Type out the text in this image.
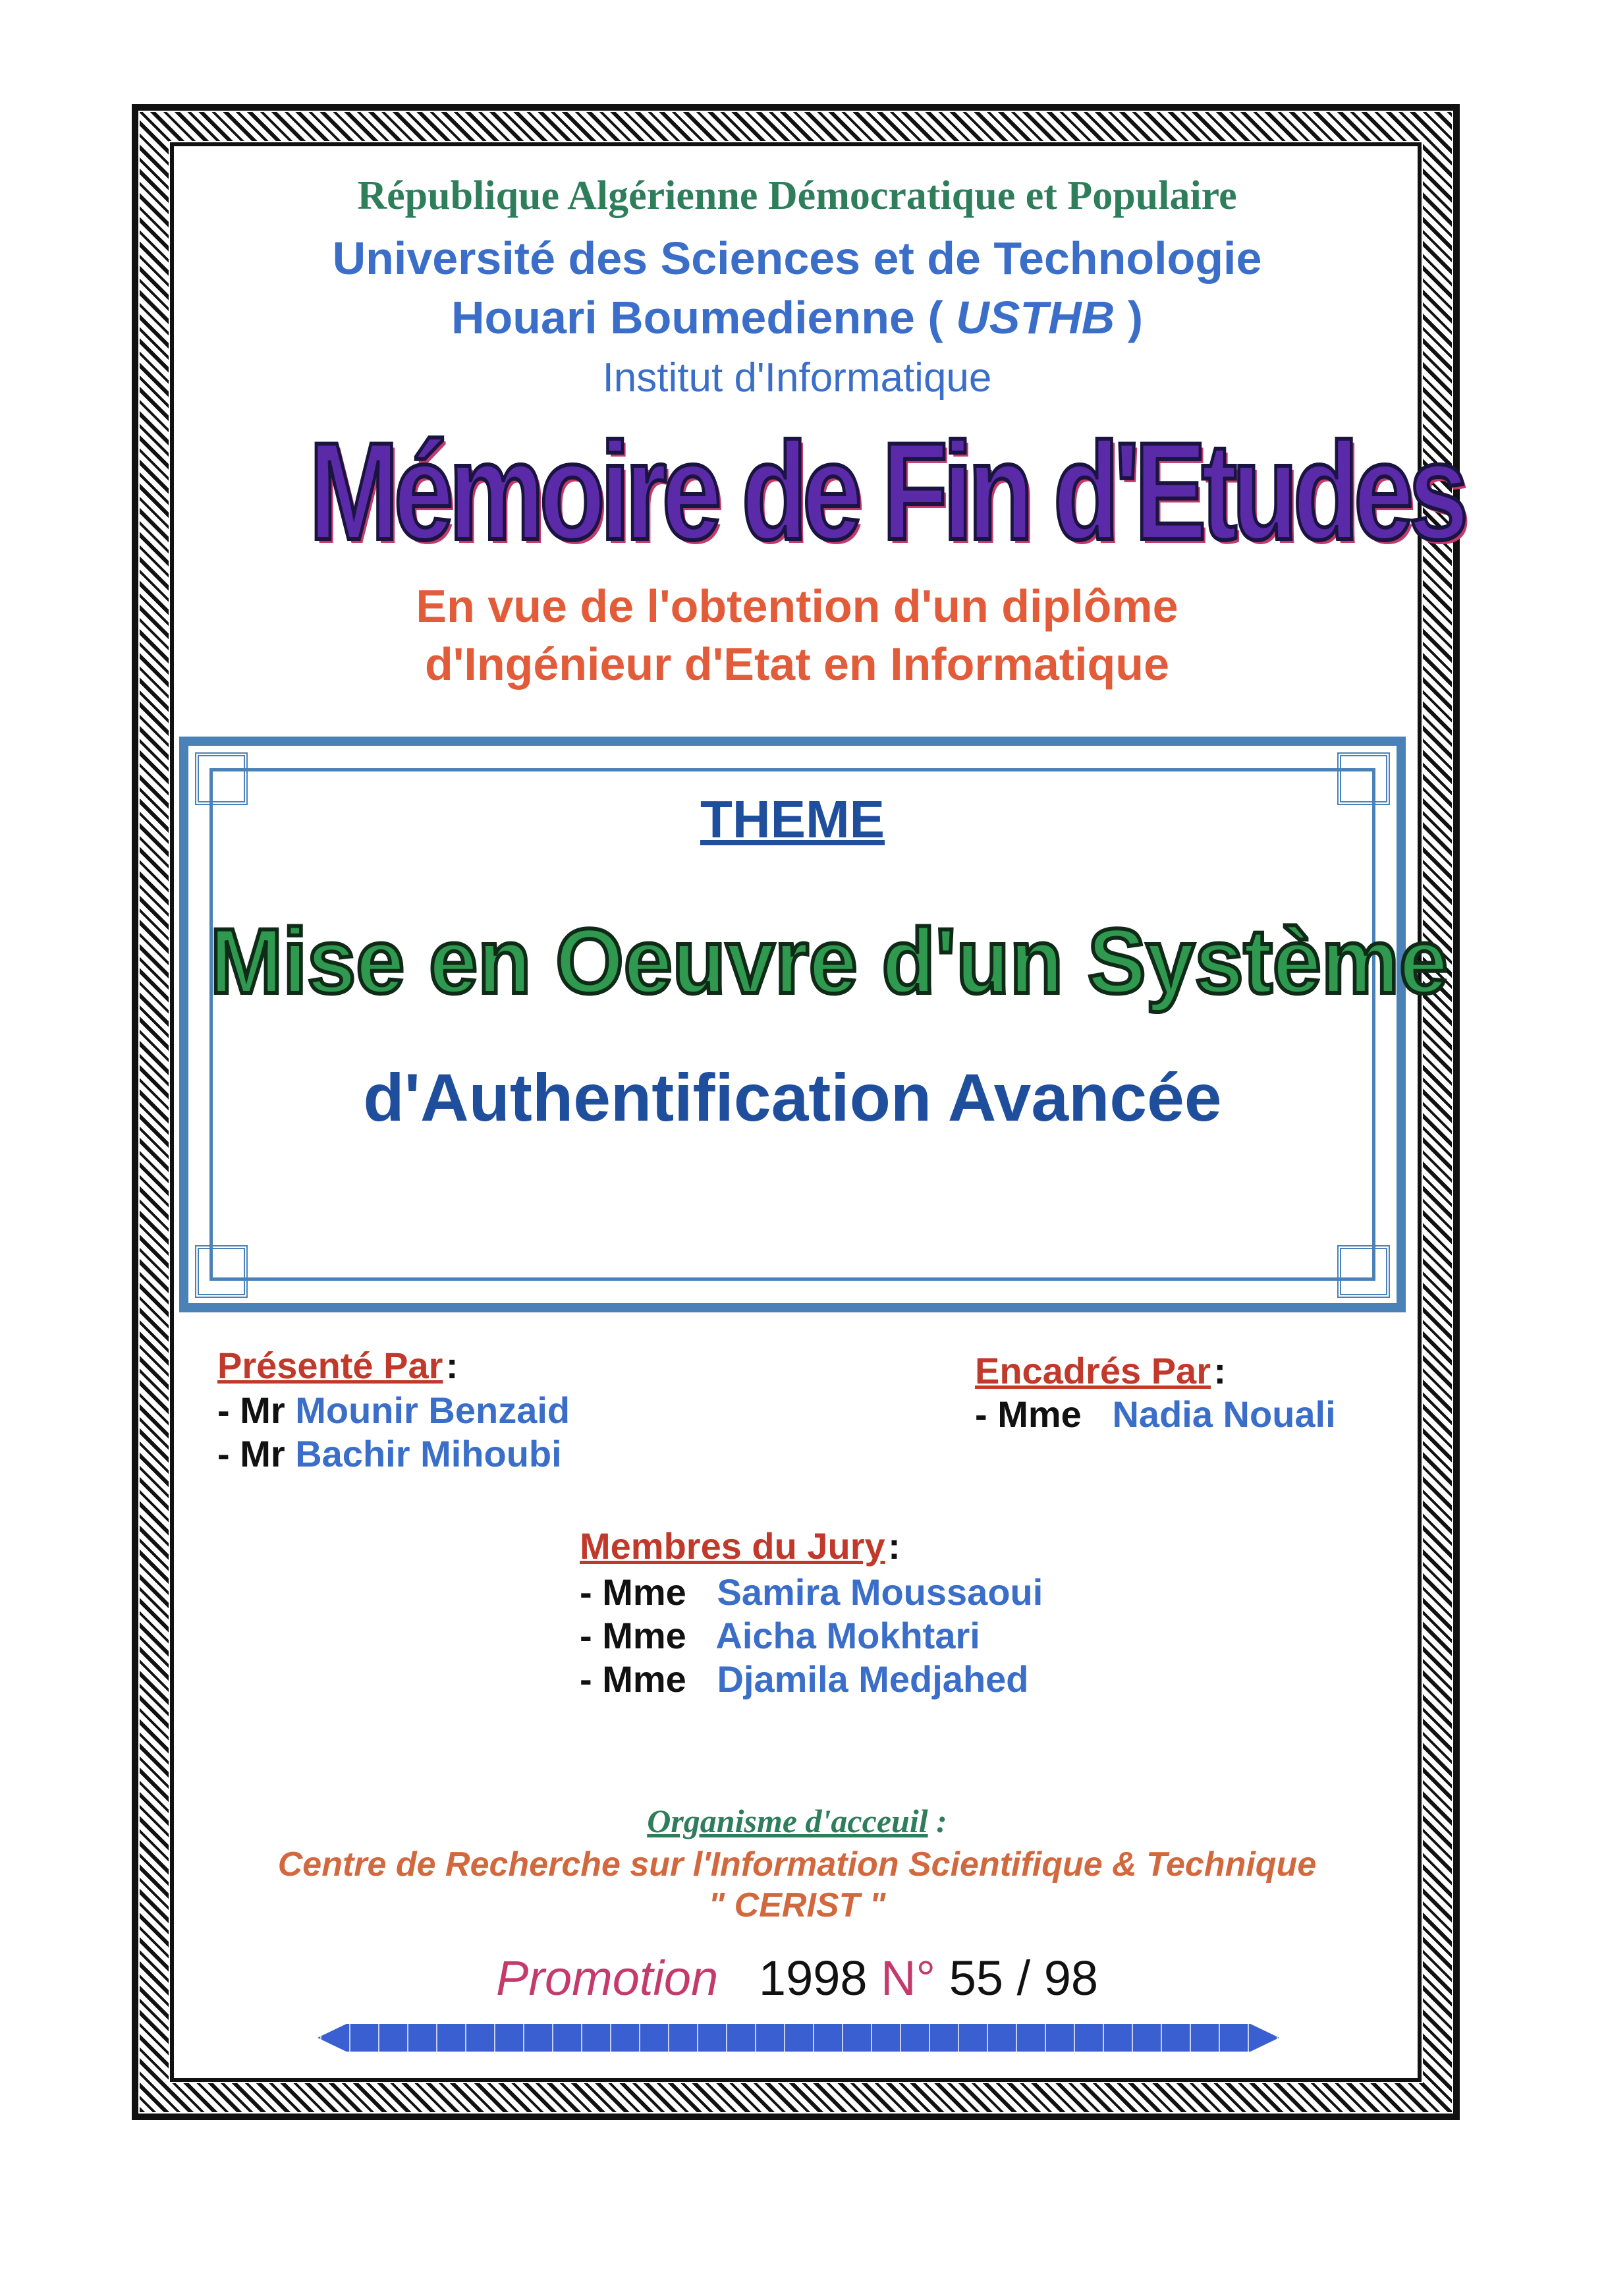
République Algérienne Démocratique et Populaire
Université des Sciences et de Technologie
Houari Boumedienne ( USTHB )
Institut d'Informatique
Mémoire de Fin d'Etudes
En vue de l'obtention d'un diplôme
d'Ingénieur d'Etat en Informatique
THEME
Mise en Oeuvre d'un Système
d'Authentification Avancée
Présenté Par :
- Mr Mounir Benzaid
- Mr Bachir Mihoubi
Encadrés Par :
- Mme Nadia Nouali
Membres du Jury :
- Mme Samira Moussaoui
- Mme Aicha Mokhtari
- Mme Djamila Medjahed
Organisme d'acceuil :
Centre de Recherche sur l'Information Scientifique & Technique
" CERIST "
Promotion 1998 N° 55 / 98
